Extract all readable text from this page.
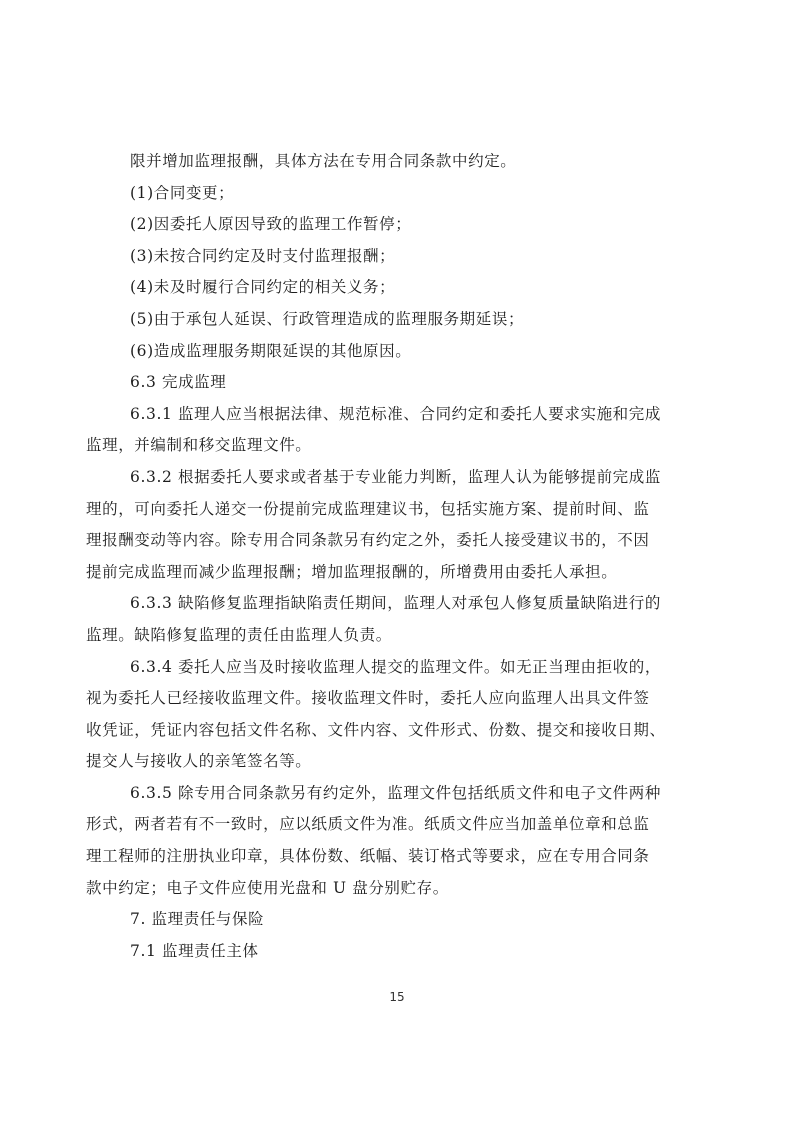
限并增加监理报酬，具体方法在专用合同条款中约定。
(1)合同变更；
(2)因委托人原因导致的监理工作暂停；
(3)未按合同约定及时支付监理报酬；
(4)未及时履行合同约定的相关义务；
(5)由于承包人延误、行政管理造成的监理服务期延误；
(6)造成监理服务期限延误的其他原因。
6.3 完成监理
6.3.1 监理人应当根据法律、规范标准、合同约定和委托人要求实施和完成
监理，并编制和移交监理文件。
6.3.2 根据委托人要求或者基于专业能力判断，监理人认为能够提前完成监
理的，可向委托人递交一份提前完成监理建议书，包括实施方案、提前时间、监
理报酬变动等内容。除专用合同条款另有约定之外，委托人接受建议书的，不因
提前完成监理而减少监理报酬；增加监理报酬的，所增费用由委托人承担。
6.3.3 缺陷修复监理指缺陷责任期间，监理人对承包人修复质量缺陷进行的
监理。缺陷修复监理的责任由监理人负责。
6.3.4 委托人应当及时接收监理人提交的监理文件。如无正当理由拒收的，
视为委托人已经接收监理文件。接收监理文件时，委托人应向监理人出具文件签
收凭证，凭证内容包括文件名称、文件内容、文件形式、份数、提交和接收日期、
提交人与接收人的亲笔签名等。
6.3.5 除专用合同条款另有约定外，监理文件包括纸质文件和电子文件两种
形式，两者若有不一致时，应以纸质文件为准。纸质文件应当加盖单位章和总监
理工程师的注册执业印章，具体份数、纸幅、装订格式等要求，应在专用合同条
款中约定；电子文件应使用光盘和 U 盘分别贮存。
7. 监理责任与保险
7.1 监理责任主体
15
